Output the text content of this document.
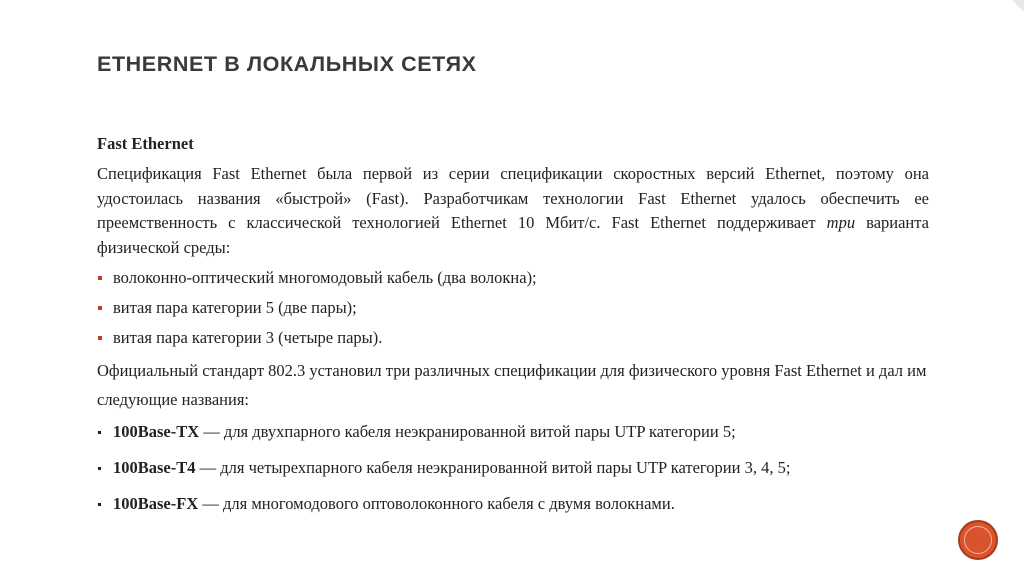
ETHERNET В ЛОКАЛЬНЫХ СЕТЯХ
Fast Ethernet

Спецификация Fast Ethernet была первой из серии спецификации скоростных версий Ethernet, поэтому она удостоилась названия «быстрой» (Fast). Разработчикам технологии Fast Ethernet удалось обеспечить ее преемственность с классической технологией Ethernet 10 Мбит/с. Fast Ethernet поддерживает три варианта физической среды:

волоконно-оптический многомодовый кабель (два волокна);
витая пара категории 5 (две пары);
витая пара категории 3 (четыре пары).

Официальный стандарт 802.3 установил три различных спецификации для физического уровня Fast Ethernet и дал им следующие названия:

100Base-TX — для двухпарного кабеля неэкранированной витой пары UTP категории 5;
100Base-T4 — для четырехпарного кабеля неэкранированной витой пары UTP категории 3, 4, 5;
100Base-FX — для многомодового оптоволоконного кабеля с двумя волокнами.
